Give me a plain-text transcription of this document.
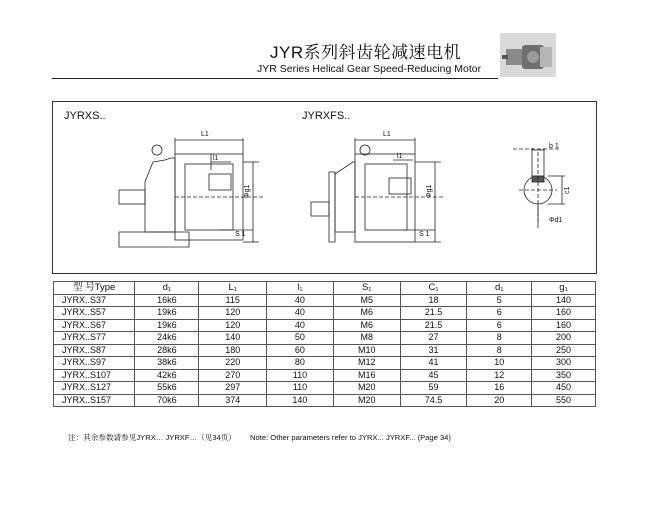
JYR系列斜齿轮减速电机
JYR Series Helical Gear Speed-Reducing Motor
JYRXS..	JYRXFS..
L1
l1
Φg1
S 1
L1
l1
Φg1
S 1
b 1
c1
Φd1
型 号Type	d₁	L₁	l₁	S₁	C₁	d₁	g₁
JYRX..S37	16k6	115	40	M5	18	5	140
JYRX..S57	19k6	120	40	M6	21.5	6	160
JYRX..S67	19k6	120	40	M6	21.5	6	160
JYRX..S77	24k6	140	50	M8	27	8	200
JYRX..S87	28k6	180	60	M10	31	8	250
JYRX..S97	38k6	220	80	M12	41	10	300
JYRX..S107	42k6	270	110	M16	45	12	350
JYRX..S127	55k6	297	110	M20	59	16	450
JYRX..S157	70k6	374	140	M20	74.5	20	550
注：其余参数请参见JYRX… JYRXF…（见34页） Note: Other parameters refer to JYRX... JYRXF... (Page 34)
